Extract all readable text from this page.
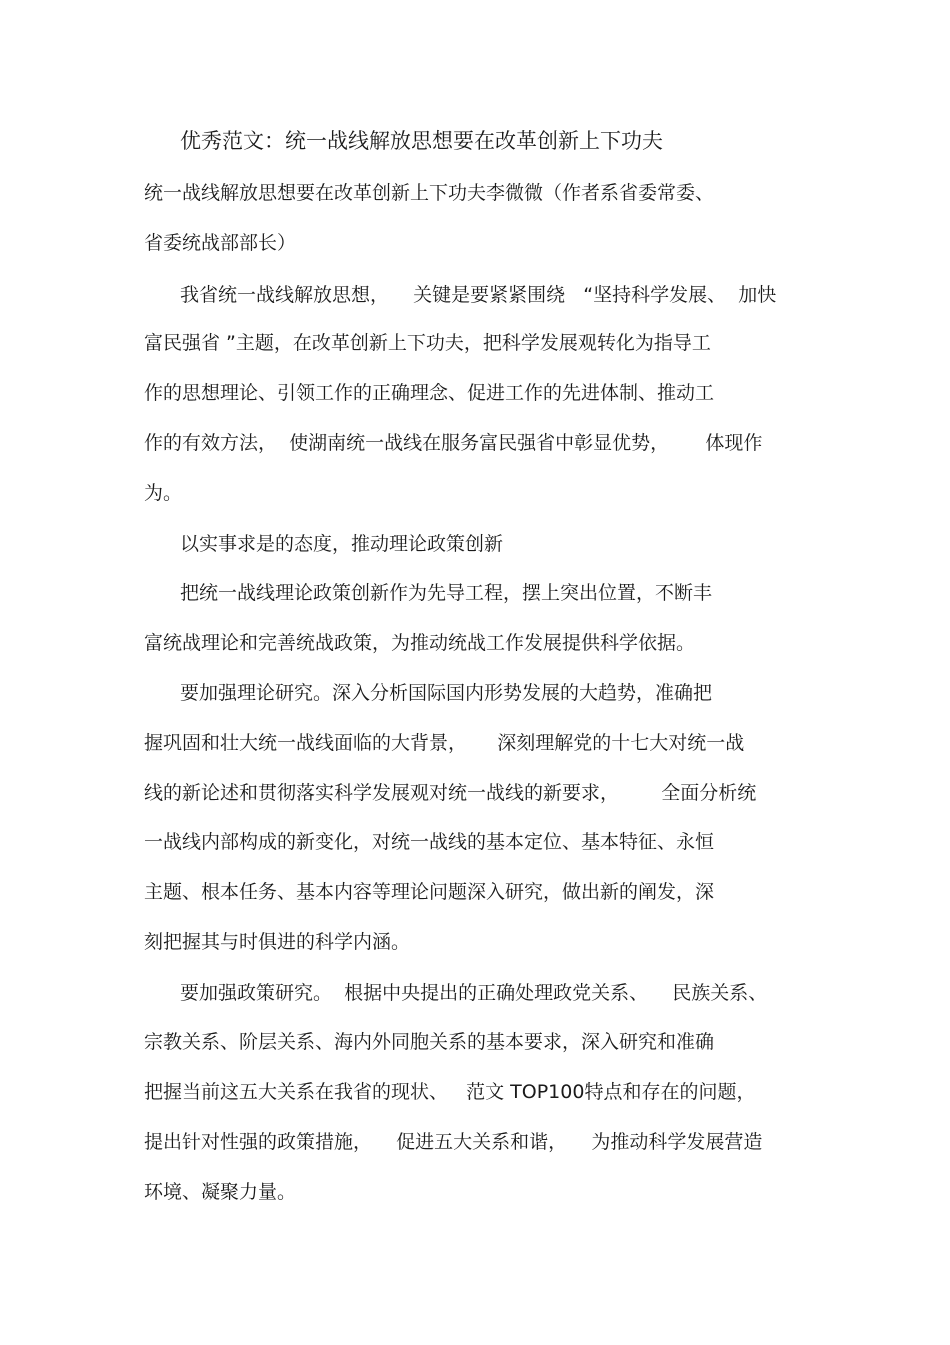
优秀范文：统一战线解放思想要在改革创新上下功夫

统一战线解放思想要在改革创新上下功夫李微微（作者系省委常委、

省委统战部部长）

我省统一战线解放思想，    关键是要紧紧围绕   “坚持科学发展、  加快

富民强省 ”主题，在改革创新上下功夫，把科学发展观转化为指导工

作的思想理论、引领工作的正确理念、促进工作的先进体制、推动工

作的有效方法，  使湖南统一战线在服务富民强省中彰显优势，      体现作

为。

以实事求是的态度，推动理论政策创新

把统一战线理论政策创新作为先导工程，摆上突出位置，不断丰

富统战理论和完善统战政策，为推动统战工作发展提供科学依据。

要加强理论研究。深入分析国际国内形势发展的大趋势，准确把

握巩固和壮大统一战线面临的大背景，     深刻理解党的十七大对统一战

线的新论述和贯彻落实科学发展观对统一战线的新要求，       全面分析统

一战线内部构成的新变化，对统一战线的基本定位、基本特征、永恒

主题、根本任务、基本内容等理论问题深入研究，做出新的阐发，深

刻把握其与时俱进的科学内涵。

要加强政策研究。  根据中央提出的正确处理政党关系、    民族关系、

宗教关系、阶层关系、海内外同胞关系的基本要求，深入研究和准确

把握当前这五大关系在我省的现状、   范文 TOP100特点和存在的问题，

提出针对性强的政策措施，    促进五大关系和谐，    为推动科学发展营造

环境、凝聚力量。
